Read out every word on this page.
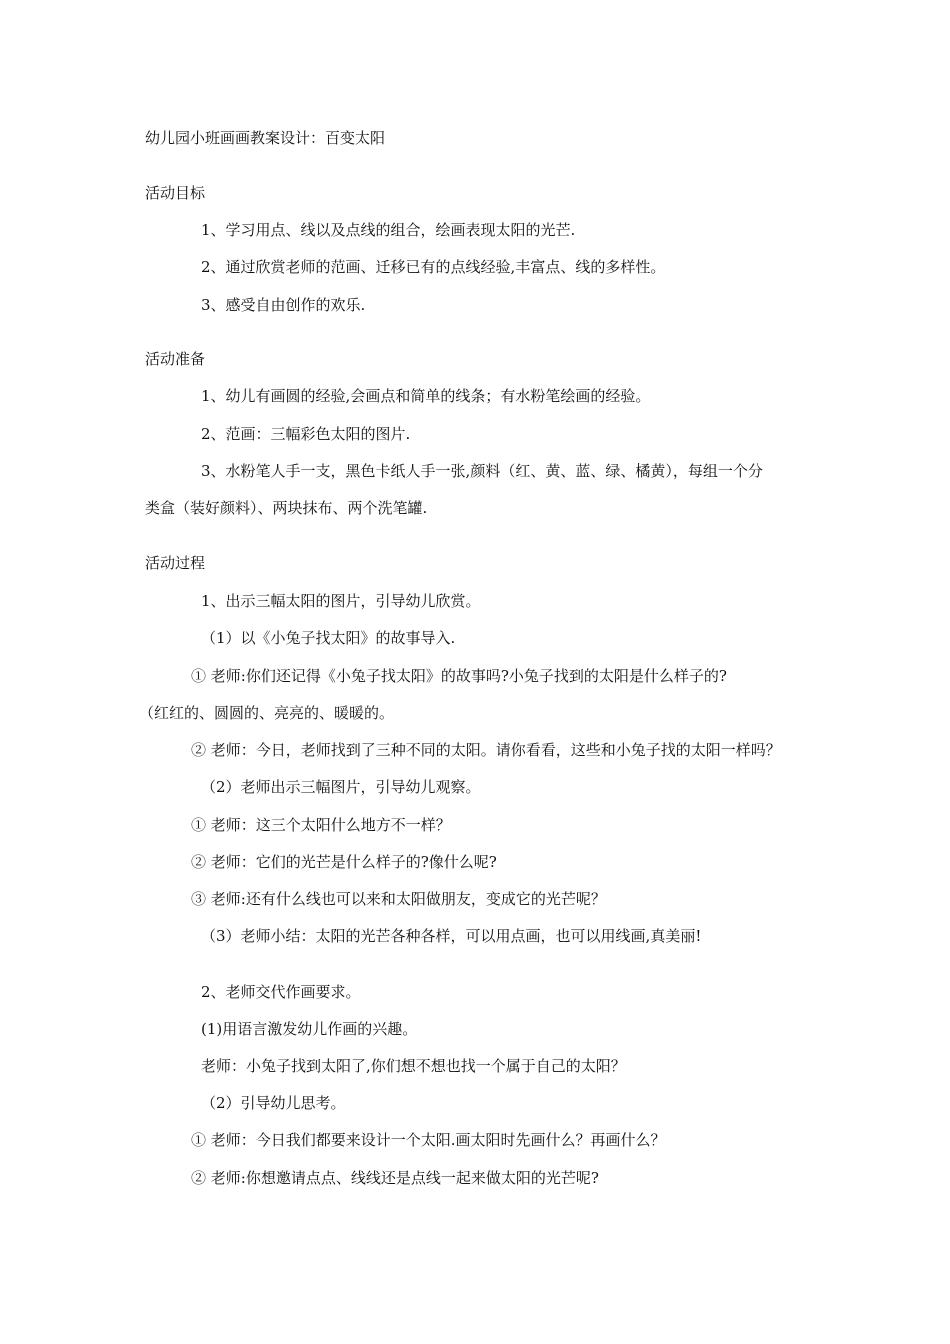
幼儿园小班画画教案设计：百变太阳
活动目标
1、学习用点、线以及点线的组合，绘画表现太阳的光芒.
2、通过欣赏老师的范画、迁移已有的点线经验,丰富点、线的多样性。
3、感受自由创作的欢乐.
活动准备
1、幼儿有画圆的经验,会画点和简单的线条；有水粉笔绘画的经验。
2、范画：三幅彩色太阳的图片.
3、水粉笔人手一支，黑色卡纸人手一张,颜料（红、黄、蓝、绿、橘黄），每组一个分
类盒（装好颜料）、两块抹布、两个洗笔罐.
活动过程
1、出示三幅太阳的图片，引导幼儿欣赏。
（1）以《小兔子找太阳》的故事导入.
① 老师:你们还记得《小兔子找太阳》的故事吗?小兔子找到的太阳是什么样子的?
（红红的、圆圆的、亮亮的、暖暖的。
② 老师：今日，老师找到了三种不同的太阳。请你看看，这些和小兔子找的太阳一样吗？
（2）老师出示三幅图片，引导幼儿观察。
① 老师：这三个太阳什么地方不一样？
② 老师：它们的光芒是什么样子的?像什么呢?
③ 老师:还有什么线也可以来和太阳做朋友，变成它的光芒呢？
（3）老师小结：太阳的光芒各种各样，可以用点画，也可以用线画,真美丽!
2、老师交代作画要求。
(1)用语言激发幼儿作画的兴趣。
老师：小兔子找到太阳了,你们想不想也找一个属于自己的太阳？
（2）引导幼儿思考。
① 老师：今日我们都要来设计一个太阳.画太阳时先画什么？再画什么？
② 老师:你想邀请点点、线线还是点线一起来做太阳的光芒呢?
